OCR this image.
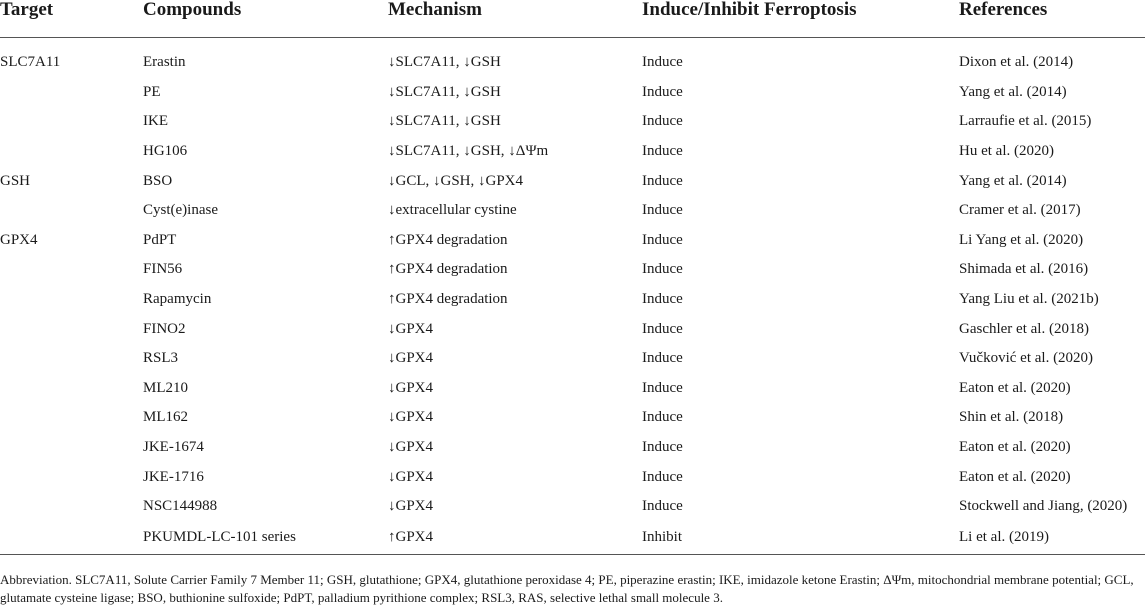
Target	Compounds	Mechanism	Induce/Inhibit Ferroptosis	References
SLC7A11	Erastin	↓SLC7A11, ↓GSH	Induce	Dixon et al. (2014)
	PE	↓SLC7A11, ↓GSH	Induce	Yang et al. (2014)
	IKE	↓SLC7A11, ↓GSH	Induce	Larraufie et al. (2015)
	HG106	↓SLC7A11, ↓GSH, ↓ΔΨm	Induce	Hu et al. (2020)
GSH	BSO	↓GCL, ↓GSH, ↓GPX4	Induce	Yang et al. (2014)
	Cyst(e)inase	↓extracellular cystine	Induce	Cramer et al. (2017)
GPX4	PdPT	↑GPX4 degradation	Induce	Li Yang et al. (2020)
	FIN56	↑GPX4 degradation	Induce	Shimada et al. (2016)
	Rapamycin	↑GPX4 degradation	Induce	Yang Liu et al. (2021b)
	FINO2	↓GPX4	Induce	Gaschler et al. (2018)
	RSL3	↓GPX4	Induce	Vučković et al. (2020)
	ML210	↓GPX4	Induce	Eaton et al. (2020)
	ML162	↓GPX4	Induce	Shin et al. (2018)
	JKE-1674	↓GPX4	Induce	Eaton et al. (2020)
	JKE-1716	↓GPX4	Induce	Eaton et al. (2020)
	NSC144988	↓GPX4	Induce	Stockwell and Jiang, (2020)
	PKUMDL-LC-101 series	↑GPX4	Inhibit	Li et al. (2019)
Abbreviation. SLC7A11, Solute Carrier Family 7 Member 11; GSH, glutathione; GPX4, glutathione peroxidase 4; PE, piperazine erastin; IKE, imidazole ketone Erastin; ΔΨm, mitochondrial membrane potential; GCL, glutamate cysteine ligase; BSO, buthionine sulfoxide; PdPT, palladium pyrithione complex; RSL3, RAS, selective lethal small molecule 3.
